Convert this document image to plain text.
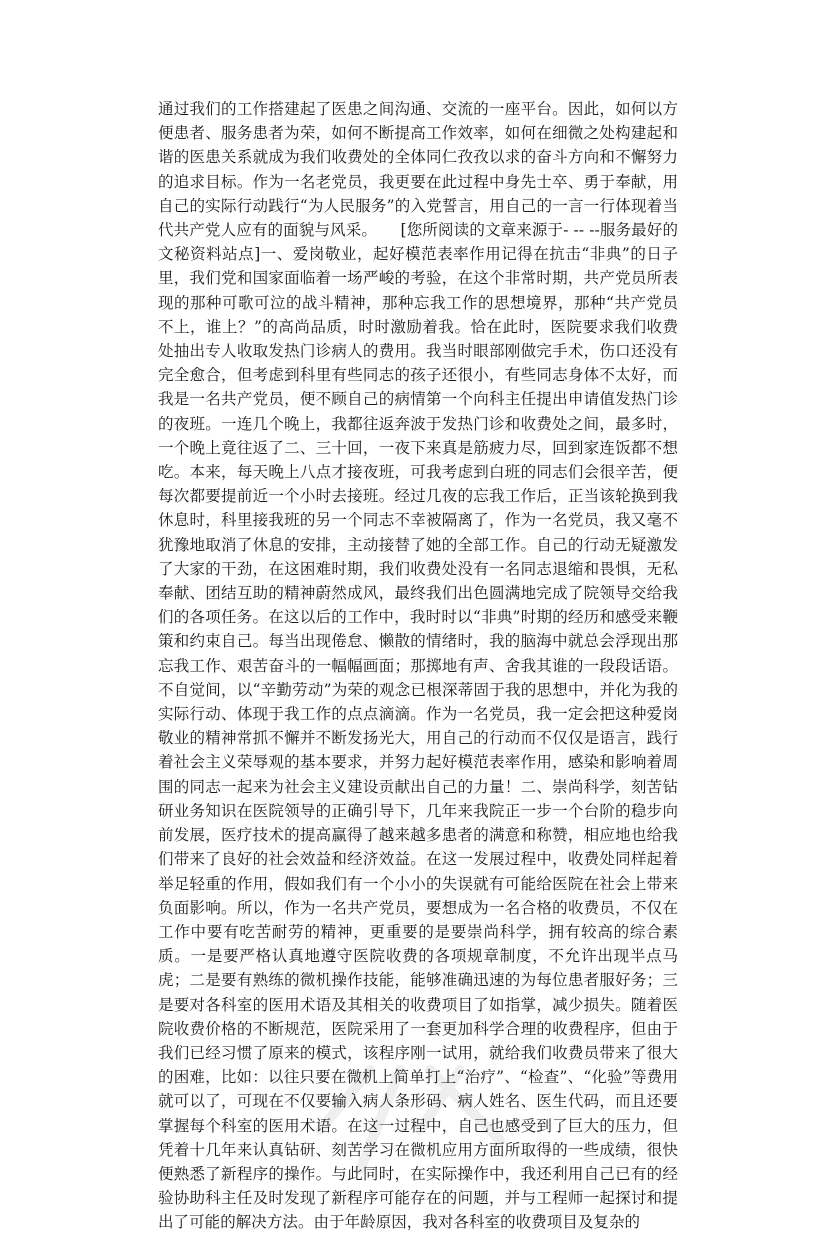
通过我们的工作搭建起了医患之间沟通、交流的一座平台。因此，如何以方便患者、服务患者为荣，如何不断提高工作效率，如何在细微之处构建起和谐的医患关系就成为我们收费处的全体同仁孜孜以求的奋斗方向和不懈努力的追求目标。作为一名老党员，我更要在此过程中身先士卒、勇于奉献，用自己的实际行动践行“为人民服务”的入党誓言，用自己的一言一行体现着当代共产党人应有的面貌与风采。　　[您所阅读的文章来源于- -- --服务最好的文秘资料站点]一、爱岗敬业，起好模范表率作用记得在抗击“非典”的日子里，我们党和国家面临着一场严峻的考验，在这个非常时期，共产党员所表现的那种可歌可泣的战斗精神，那种忘我工作的思想境界，那种“共产党员不上，谁上？”的高尚品质，时时激励着我。恰在此时，医院要求我们收费处抽出专人收取发热门诊病人的费用。我当时眼部刚做完手术，伤口还没有完全愈合，但考虑到科里有些同志的孩子还很小，有些同志身体不太好，而我是一名共产党员，便不顾自己的病情第一个向科主任提出申请值发热门诊的夜班。一连几个晚上，我都往返奔波于发热门诊和收费处之间，最多时，一个晚上竟往返了二、三十回，一夜下来真是筋疲力尽，回到家连饭都不想吃。本来，每天晚上八点才接夜班，可我考虑到白班的同志们会很辛苦，便每次都要提前近一个小时去接班。经过几夜的忘我工作后，正当该轮换到我休息时，科里接我班的另一个同志不幸被隔离了，作为一名党员，我又毫不犹豫地取消了休息的安排，主动接替了她的全部工作。自己的行动无疑激发了大家的干劲，在这困难时期，我们收费处没有一名同志退缩和畏惧，无私奉献、团结互助的精神蔚然成风，最终我们出色圆满地完成了院领导交给我们的各项任务。在这以后的工作中，我时时以“非典”时期的经历和感受来鞭策和约束自己。每当出现倦怠、懒散的情绪时，我的脑海中就总会浮现出那忘我工作、艰苦奋斗的一幅幅画面；那掷地有声、舍我其谁的一段段话语。不自觉间，以“辛勤劳动”为荣的观念已根深蒂固于我的思想中，并化为我的实际行动、体现于我工作的点点滴滴。作为一名党员，我一定会把这种爱岗敬业的精神常抓不懈并不断发扬光大，用自己的行动而不仅仅是语言，践行着社会主义荣辱观的基本要求，并努力起好模范表率作用，感染和影响着周围的同志一起来为社会主义建设贡献出自己的力量！二、崇尚科学，刻苦钻研业务知识在医院领导的正确引导下，几年来我院正一步一个台阶的稳步向前发展，医疗技术的提高赢得了越来越多患者的满意和称赞，相应地也给我们带来了良好的社会效益和经济效益。在这一发展过程中，收费处同样起着举足轻重的作用，假如我们有一个小小的失误就有可能给医院在社会上带来负面影响。所以，作为一名共产党员，要想成为一名合格的收费员，不仅在工作中要有吃苦耐劳的精神，更重要的是要崇尚科学，拥有较高的综合素质。一是要严格认真地遵守医院收费的各项规章制度，不允许出现半点马虎；二是要有熟练的微机操作技能，能够准确迅速的为每位患者服好务；三是要对各科室的医用术语及其相关的收费项目了如指掌，减少损失。随着医院收费价格的不断规范，医院采用了一套更加科学合理的收费程序，但由于我们已经习惯了原来的模式，该程序刚一试用，就给我们收费员带来了很大的困难，比如：以往只要在微机上简单打上“治疗”、“检查”、“化验”等费用就可以了，可现在不仅要输入病人条形码、病人姓名、医生代码，而且还要掌握每个科室的医用术语。在这一过程中，自己也感受到了巨大的压力，但凭着十几年来认真钻研、刻苦学习在微机应用方面所取得的一些成绩，很快便熟悉了新程序的操作。与此同时，在实际操作中，我还利用自己已有的经验协助科主任及时发现了新程序可能存在的问题，并与工程师一起探讨和提出了可能的解决方法。由于年龄原因，我对各科室的收费项目及复杂的
